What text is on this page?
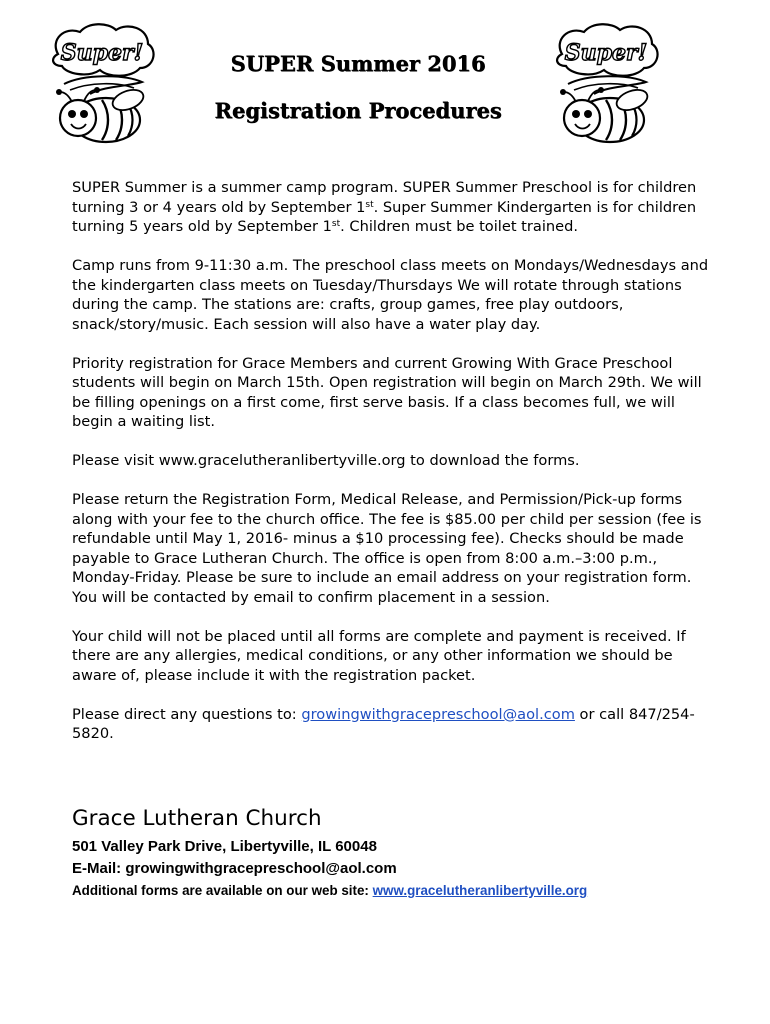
Super!	Super!
SUPER Summer 2016
Registration Procedures

SUPER Summer is a summer camp program. SUPER Summer Preschool is for children turning 3 or 4 years old by September 1st. Super Summer Kindergarten is for children turning 5 years old by September 1st. Children must be toilet trained.

Camp runs from 9-11:30 a.m. The preschool class meets on Mondays/Wednesdays and the kindergarten class meets on Tuesday/Thursdays We will rotate through stations during the camp. The stations are: crafts, group games, free play outdoors, snack/story/music. Each session will also have a water play day.

Priority registration for Grace Members and current Growing With Grace Preschool students will begin on March 15th. Open registration will begin on March 29th. We will be filling openings on a first come, first serve basis. If a class becomes full, we will begin a waiting list.

Please visit www.gracelutheranlibertyville.org to download the forms.

Please return the Registration Form, Medical Release, and Permission/Pick-up forms along with your fee to the church office. The fee is $85.00 per child per session (fee is refundable until May 1, 2016- minus a $10 processing fee). Checks should be made payable to Grace Lutheran Church. The office is open from 8:00 a.m.–3:00 p.m., Monday-Friday. Please be sure to include an email address on your registration form. You will be contacted by email to confirm placement in a session.

Your child will not be placed until all forms are complete and payment is received. If there are any allergies, medical conditions, or any other information we should be aware of, please include it with the registration packet.

Please direct any questions to: growingwithgracepreschool@aol.com or call 847/254-5820.

Grace Lutheran Church
501 Valley Park Drive, Libertyville, IL 60048
E-Mail: growingwithgracepreschool@aol.com
Additional forms are available on our web site: www.gracelutheranlibertyville.org
